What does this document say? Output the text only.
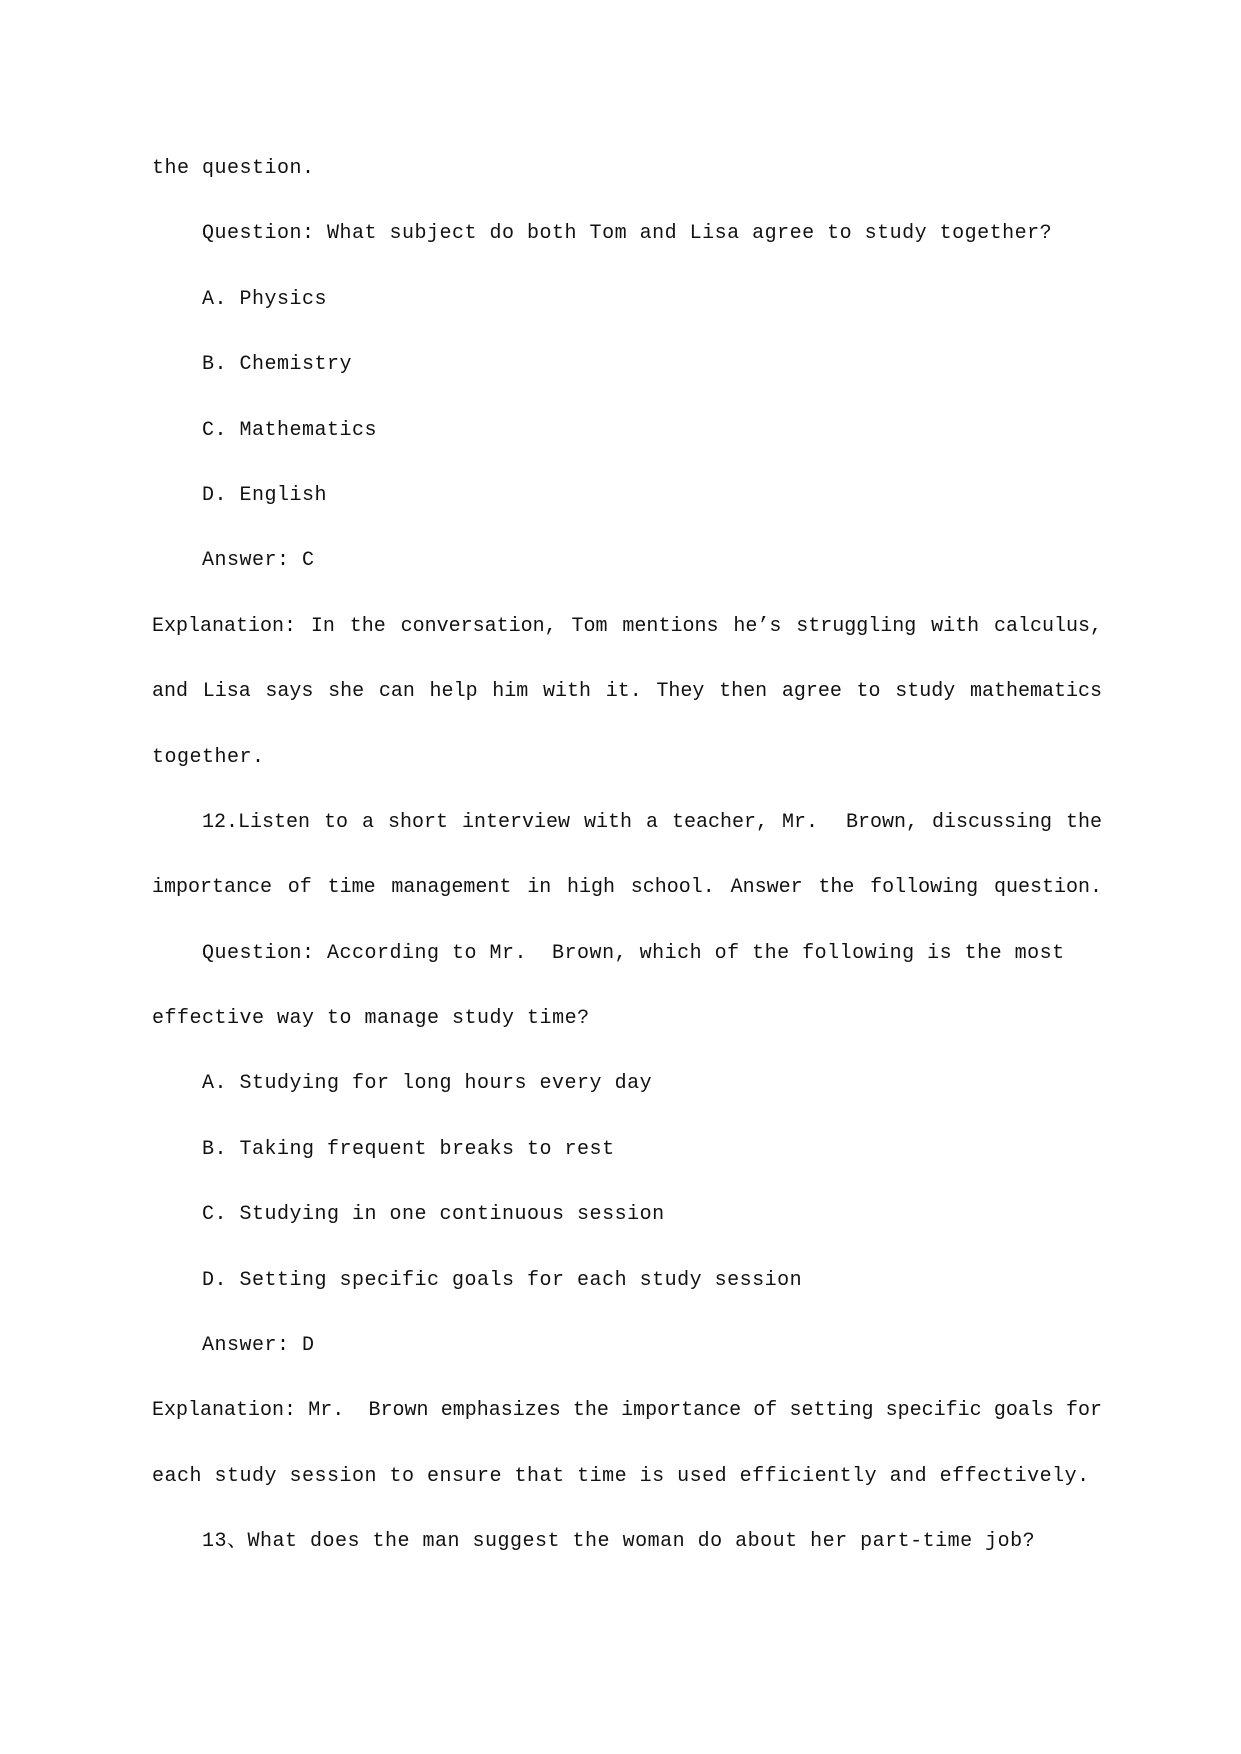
the question.
Question: What subject do both Tom and Lisa agree to study together?
A. Physics
B. Chemistry
C. Mathematics
D. English
Answer: C
Explanation: In the conversation, Tom mentions he’s struggling with calculus,
and Lisa says she can help him with it. They then agree to study mathematics
together.
12.Listen to a short interview with a teacher, Mr.  Brown, discussing the
importance of time management in high school. Answer the following question.
Question: According to Mr.  Brown, which of the following is the most
effective way to manage study time?
A. Studying for long hours every day
B. Taking frequent breaks to rest
C. Studying in one continuous session
D. Setting specific goals for each study session
Answer: D
Explanation: Mr.  Brown emphasizes the importance of setting specific goals for
each study session to ensure that time is used efficiently and effectively.
13、What does the man suggest the woman do about her part-time job?
